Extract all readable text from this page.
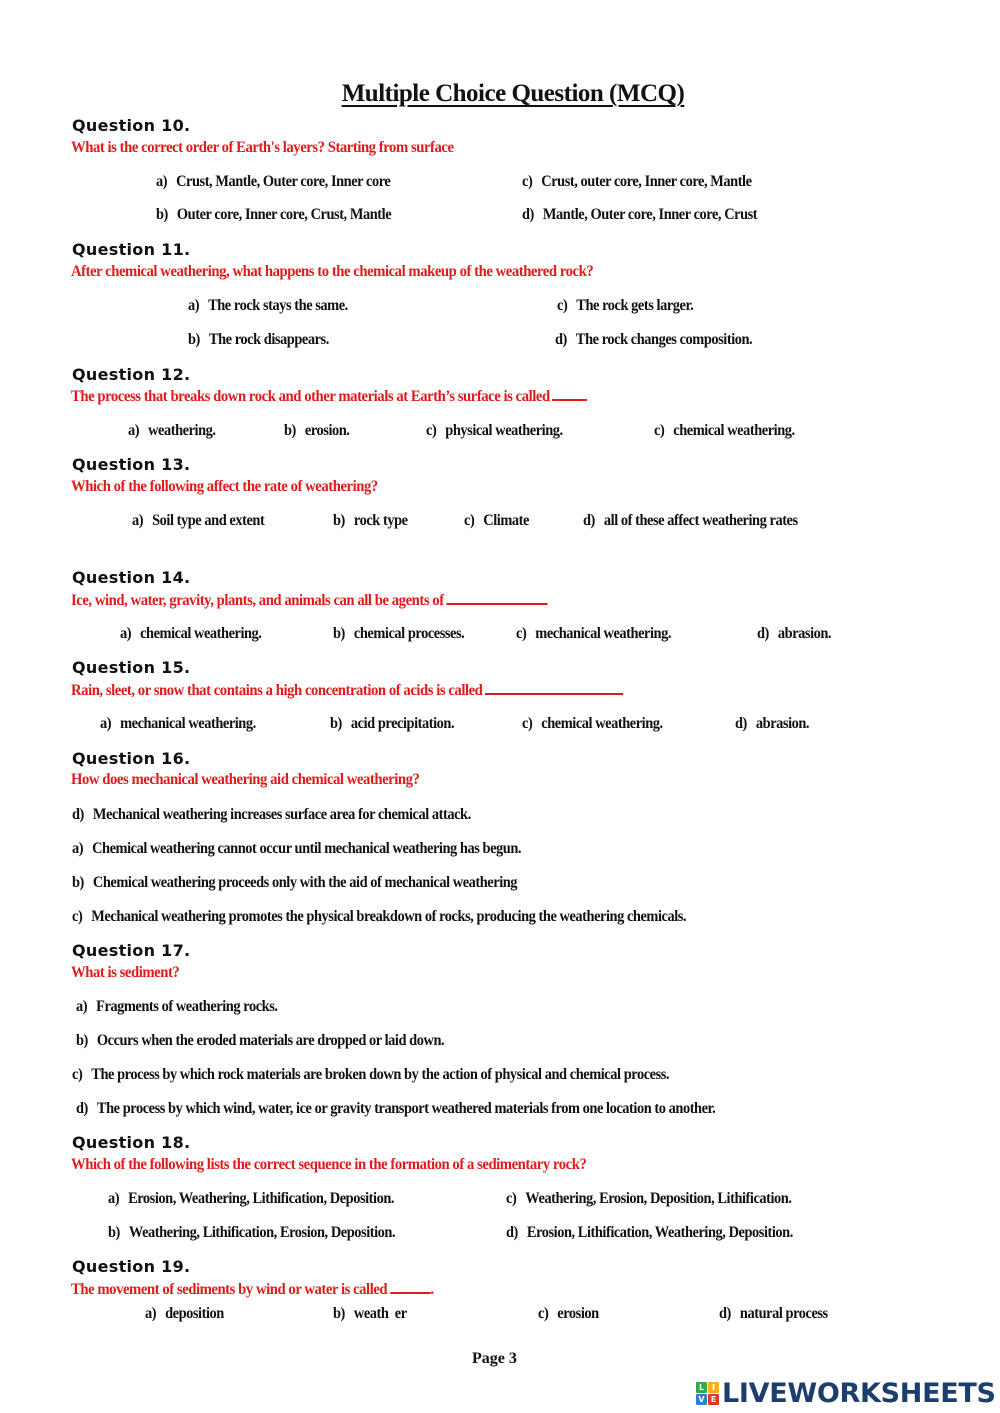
Multiple Choice Question (MCQ)
Question 10.
What is the correct order of Earth's layers? Starting from surface
a) Crust, Mantle, Outer core, Inner core	c) Crust, outer core, Inner core, Mantle
b) Outer core, Inner core, Crust, Mantle	d) Mantle, Outer core, Inner core, Crust
Question 11.
After chemical weathering, what happens to the chemical makeup of the weathered rock?
a) The rock stays the same.	c) The rock gets larger.
b) The rock disappears.	d) The rock changes composition.
Question 12.
The process that breaks down rock and other materials at Earth’s surface is called
a) weathering.	b) erosion.	c) physical weathering.	c) chemical weathering.
Question 13.
Which of the following affect the rate of weathering?
a) Soil type and extent	b) rock type	c) Climate	d) all of these affect weathering rates
Question 14.
Ice, wind, water, gravity, plants, and animals can all be agents of
a) chemical weathering.	b) chemical processes.	c) mechanical weathering.	d) abrasion.
Question 15.
Rain, sleet, or snow that contains a high concentration of acids is called
a) mechanical weathering.	b) acid precipitation.	c) chemical weathering.	d) abrasion.
Question 16.
How does mechanical weathering aid chemical weathering?
d) Mechanical weathering increases surface area for chemical attack.
a) Chemical weathering cannot occur until mechanical weathering has begun.
b) Chemical weathering proceeds only with the aid of mechanical weathering
c) Mechanical weathering promotes the physical breakdown of rocks, producing the weathering chemicals.
Question 17.
What is sediment?
a) Fragments of weathering rocks.
b) Occurs when the eroded materials are dropped or laid down.
c) The process by which rock materials are broken down by the action of physical and chemical process.
d) The process by which wind, water, ice or gravity transport weathered materials from one location to another.
Question 18.
Which of the following lists the correct sequence in the formation of a sedimentary rock?
a) Erosion, Weathering, Lithification, Deposition.	c) Weathering, Erosion, Deposition, Lithification.
b) Weathering, Lithification, Erosion, Deposition.	d) Erosion, Lithification, Weathering, Deposition.
Question 19.
The movement of sediments by wind or water is called	.
a) deposition	b) weath  er	c) erosion	d) natural process
Page 3
L I
V E LIVEWORKSHEETS
